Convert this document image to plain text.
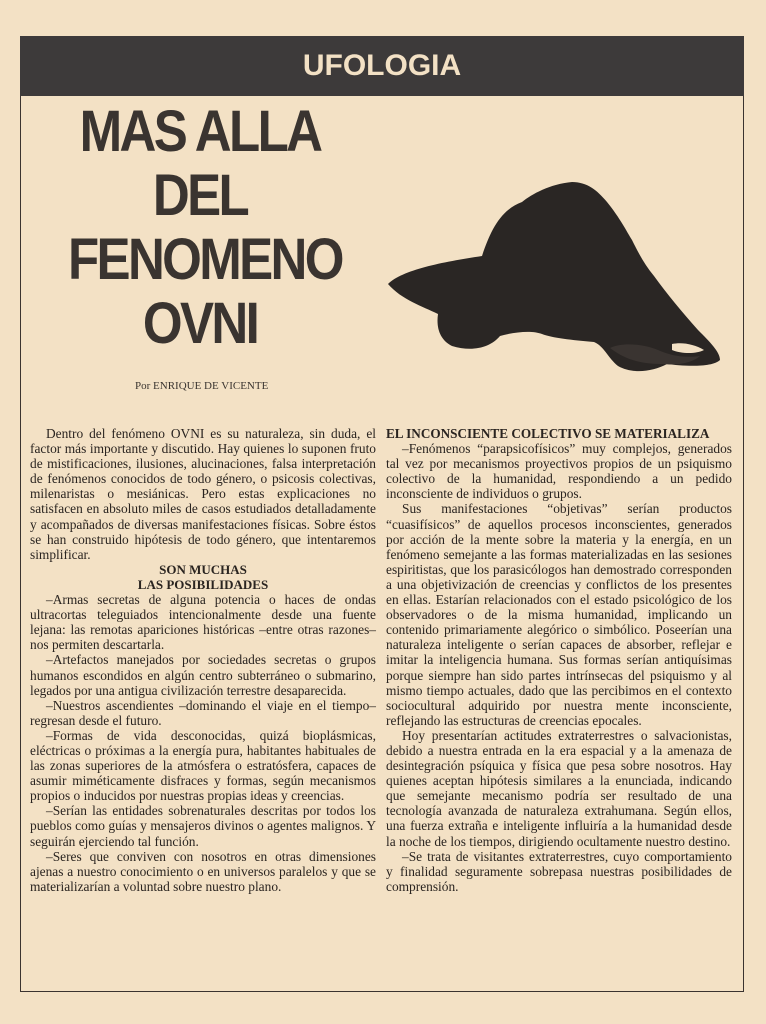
UFOLOGIA
MAS ALLA
DEL
FENOMENO
OVNI
Por ENRIQUE DE VICENTE

Dentro del fenómeno OVNI es su naturaleza, sin duda, el factor más importante y discutido. Hay quienes lo suponen fruto de mistificaciones, ilusiones, alucinaciones, falsa interpretación de fenómenos conocidos de todo género, o psicosis colectivas, milenaristas o mesiánicas. Pero estas explicaciones no satisfacen en absoluto miles de casos estudiados detalladamente y acompañados de diversas manifestaciones físicas. Sobre éstos se han construido hipótesis de todo género, que intentaremos simplificar.

SON MUCHAS

LAS POSIBILIDADES

–Armas secretas de alguna potencia o haces de ondas ultracortas teleguiados intencionalmente desde una fuente lejana: las remotas apariciones históricas –entre otras razones– nos permiten descartarla.

–Artefactos manejados por sociedades secretas o grupos humanos escondidos en algún centro subterráneo o submarino, legados por una antigua civilización terrestre desaparecida.

–Nuestros ascendientes –dominando el viaje en el tiempo– regresan desde el futuro.

–Formas de vida desconocidas, quizá bioplásmicas, eléctricas o próximas a la energía pura, habitantes habituales de las zonas superiores de la atmósfera o estratósfera, capaces de asumir miméticamente disfraces y formas, según mecanismos propios o inducidos por nuestras propias ideas y creencias.

–Serían las entidades sobrenaturales descritas por todos los pueblos como guías y mensajeros divinos o agentes malignos. Y seguirán ejerciendo tal función.

–Seres que conviven con nosotros en otras dimensiones ajenas a nuestro conocimiento o en universos paralelos y que se materializarían a voluntad sobre nuestro plano.

EL INCONSCIENTE COLECTIVO SE MATERIALIZA

–Fenómenos “parapsicofísicos” muy complejos, generados tal vez por mecanismos proyectivos propios de un psiquismo colectivo de la humanidad, respondiendo a un pedido inconsciente de individuos o grupos.

Sus manifestaciones “objetivas” serían productos “cuasifísicos” de aquellos procesos inconscientes, generados por acción de la mente sobre la materia y la energía, en un fenómeno semejante a las formas materializadas en las sesiones espiritistas, que los parasicólogos han demostrado corresponden a una objetivización de creencias y conflictos de los presentes en ellas. Estarían relacionados con el estado psicológico de los observadores o de la misma humanidad, implicando un contenido primariamente alegórico o simbólico. Poseerían una naturaleza inteligente o serían capaces de absorber, reflejar e imitar la inteligencia humana. Sus formas serían antiquísimas porque siempre han sido partes intrínsecas del psiquismo y al mismo tiempo actuales, dado que las percibimos en el contexto sociocultural adquirido por nuestra mente inconsciente, reflejando las estructuras de creencias epocales.

Hoy presentarían actitudes extraterrestres o salvacionistas, debido a nuestra entrada en la era espacial y a la amenaza de desintegración psíquica y física que pesa sobre nosotros. Hay quienes aceptan hipótesis similares a la enunciada, indicando que semejante mecanismo podría ser resultado de una tecnología avanzada de naturaleza extrahumana. Según ellos, una fuerza extraña e inteligente influiría a la humanidad desde la noche de los tiempos, dirigiendo ocultamente nuestro destino.

–Se trata de visitantes extraterrestres, cuyo comportamiento y finalidad seguramente sobrepasa nuestras posibilidades de comprensión.
